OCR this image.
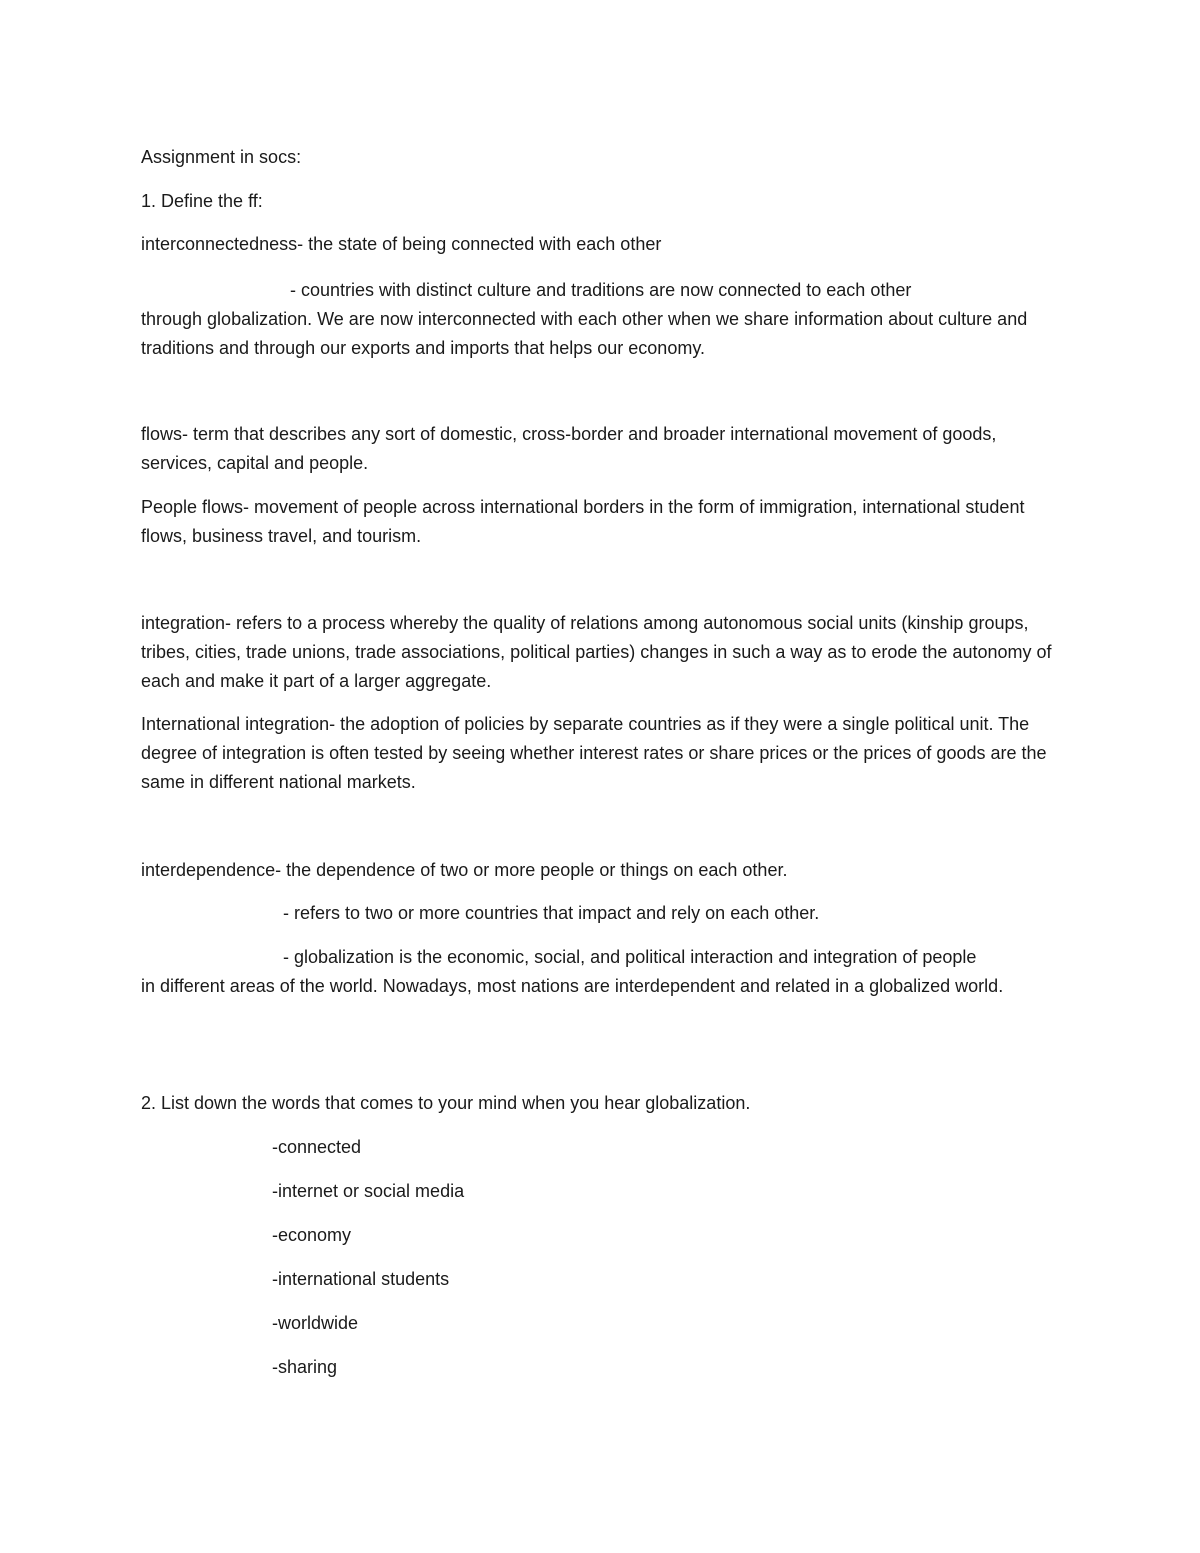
Assignment in socs:
1. Define the ff:
interconnectedness- the state of being connected with each other
- countries with distinct culture and traditions are now connected to each other
through globalization. We are now interconnected with each other when we share information about culture and traditions and through our exports and imports that helps our economy.
flows- term that describes any sort of domestic, cross-border and broader international movement of goods, services, capital and people.
People flows- movement of people across international borders in the form of immigration, international student flows, business travel, and tourism.
integration- refers to a process whereby the quality of relations among autonomous social units (kinship groups, tribes, cities, trade unions, trade associations, political parties) changes in such a way as to erode the autonomy of each and make it part of a larger aggregate.
International integration- the adoption of policies by separate countries as if they were a single political unit. The degree of integration is often tested by seeing whether interest rates or share prices or the prices of goods are the same in different national markets.
interdependence- the dependence of two or more people or things on each other.
- refers to two or more countries that impact and rely on each other.
- globalization is the economic, social, and political interaction and integration of people
in different areas of the world. Nowadays, most nations are interdependent and related in a globalized world.
2. List down the words that comes to your mind when you hear globalization.
-connected
-internet or social media
-economy
-international students
-worldwide
-sharing
